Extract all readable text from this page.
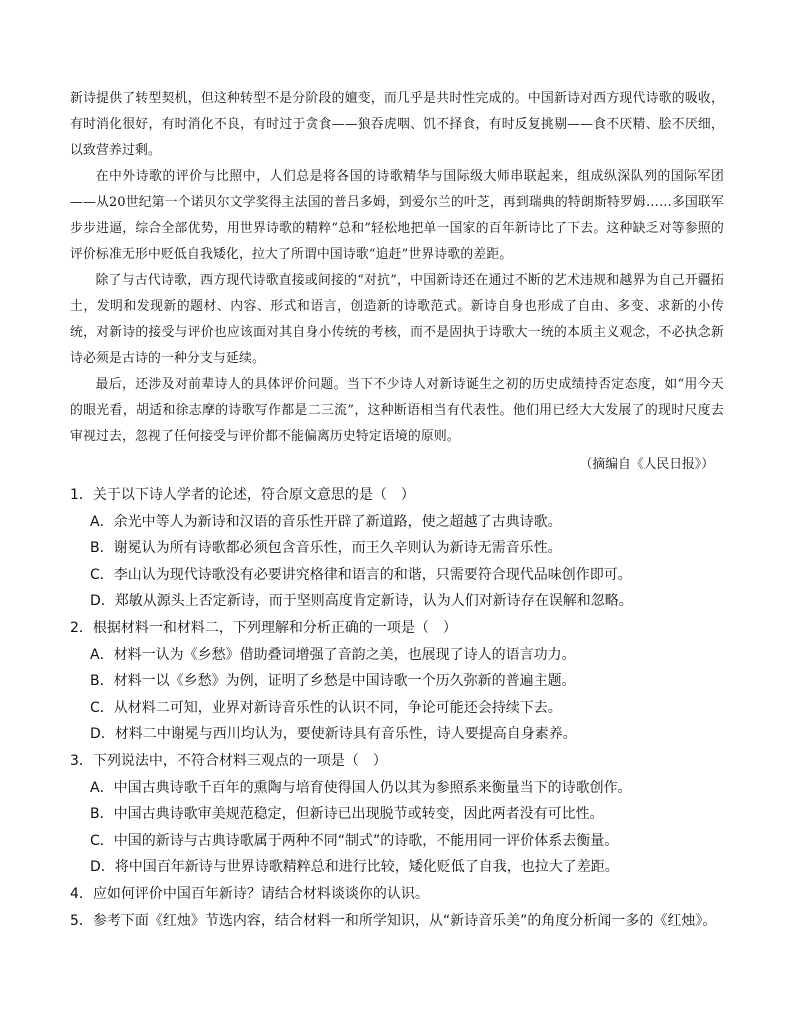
新诗提供了转型契机，但这种转型不是分阶段的嬗变，而几乎是共时性完成的。中国新诗对西方现代诗歌的吸收，有时消化很好，有时消化不良，有时过于贪食——狼吞虎咽、饥不择食，有时反复挑剔——食不厌精、脍不厌细，以致营养过剩。

在中外诗歌的评价与比照中，人们总是将各国的诗歌精华与国际级大师串联起来，组成纵深队列的国际军团——从20世纪第一个诺贝尔文学奖得主法国的普吕多姆，到爱尔兰的叶芝，再到瑞典的特朗斯特罗姆……多国联军步步进逼，综合全部优势，用世界诗歌的精粹“总和”轻松地把单一国家的百年新诗比了下去。这种缺乏对等参照的评价标准无形中贬低自我矮化，拉大了所谓中国诗歌“追赶”世界诗歌的差距。

除了与古代诗歌，西方现代诗歌直接或间接的“对抗”，中国新诗还在通过不断的艺术违规和越界为自己开疆拓土，发明和发现新的题材、内容、形式和语言，创造新的诗歌范式。新诗自身也形成了自由、多变、求新的小传统，对新诗的接受与评价也应该面对其自身小传统的考核，而不是固执于诗歌大一统的本质主义观念，不必执念新诗必须是古诗的一种分支与延续。

最后，还涉及对前辈诗人的具体评价问题。当下不少诗人对新诗诞生之初的历史成绩持否定态度，如“用今天的眼光看，胡适和徐志摩的诗歌写作都是二三流”，这种断语相当有代表性。他们用已经大大发展了的现时尺度去审视过去，忽视了任何接受与评价都不能偏离历史特定语境的原则。

（摘编自《人民日报》）

1．关于以下诗人学者的论述，符合原文意思的是（　）

A．余光中等人为新诗和汉语的音乐性开辟了新道路，使之超越了古典诗歌。

B．谢冕认为所有诗歌都必须包含音乐性，而王久辛则认为新诗无需音乐性。

C．李山认为现代诗歌没有必要讲究格律和语言的和谐，只需要符合现代品味创作即可。

D．郑敏从源头上否定新诗，而于坚则高度肯定新诗，认为人们对新诗存在误解和忽略。

2．根据材料一和材料二，下列理解和分析正确的一项是（　）

A．材料一认为《乡愁》借助叠词增强了音韵之美，也展现了诗人的语言功力。

B．材料一以《乡愁》为例，证明了乡愁是中国诗歌一个历久弥新的普遍主题。

C．从材料二可知，业界对新诗音乐性的认识不同，争论可能还会持续下去。

D．材料二中谢冕与西川均认为，要使新诗具有音乐性，诗人要提高自身素养。

3．下列说法中，不符合材料三观点的一项是（　）

A．中国古典诗歌千百年的熏陶与培育使得国人仍以其为参照系来衡量当下的诗歌创作。

B．中国古典诗歌审美规范稳定，但新诗已出现脱节或转变，因此两者没有可比性。

C．中国的新诗与古典诗歌属于两种不同“制式”的诗歌，不能用同一评价体系去衡量。

D．将中国百年新诗与世界诗歌精粹总和进行比较，矮化贬低了自我，也拉大了差距。

4．应如何评价中国百年新诗？请结合材料谈谈你的认识。

5．参考下面《红烛》节选内容，结合材料一和所学知识，从“新诗音乐美”的角度分析闻一多的《红烛》。
